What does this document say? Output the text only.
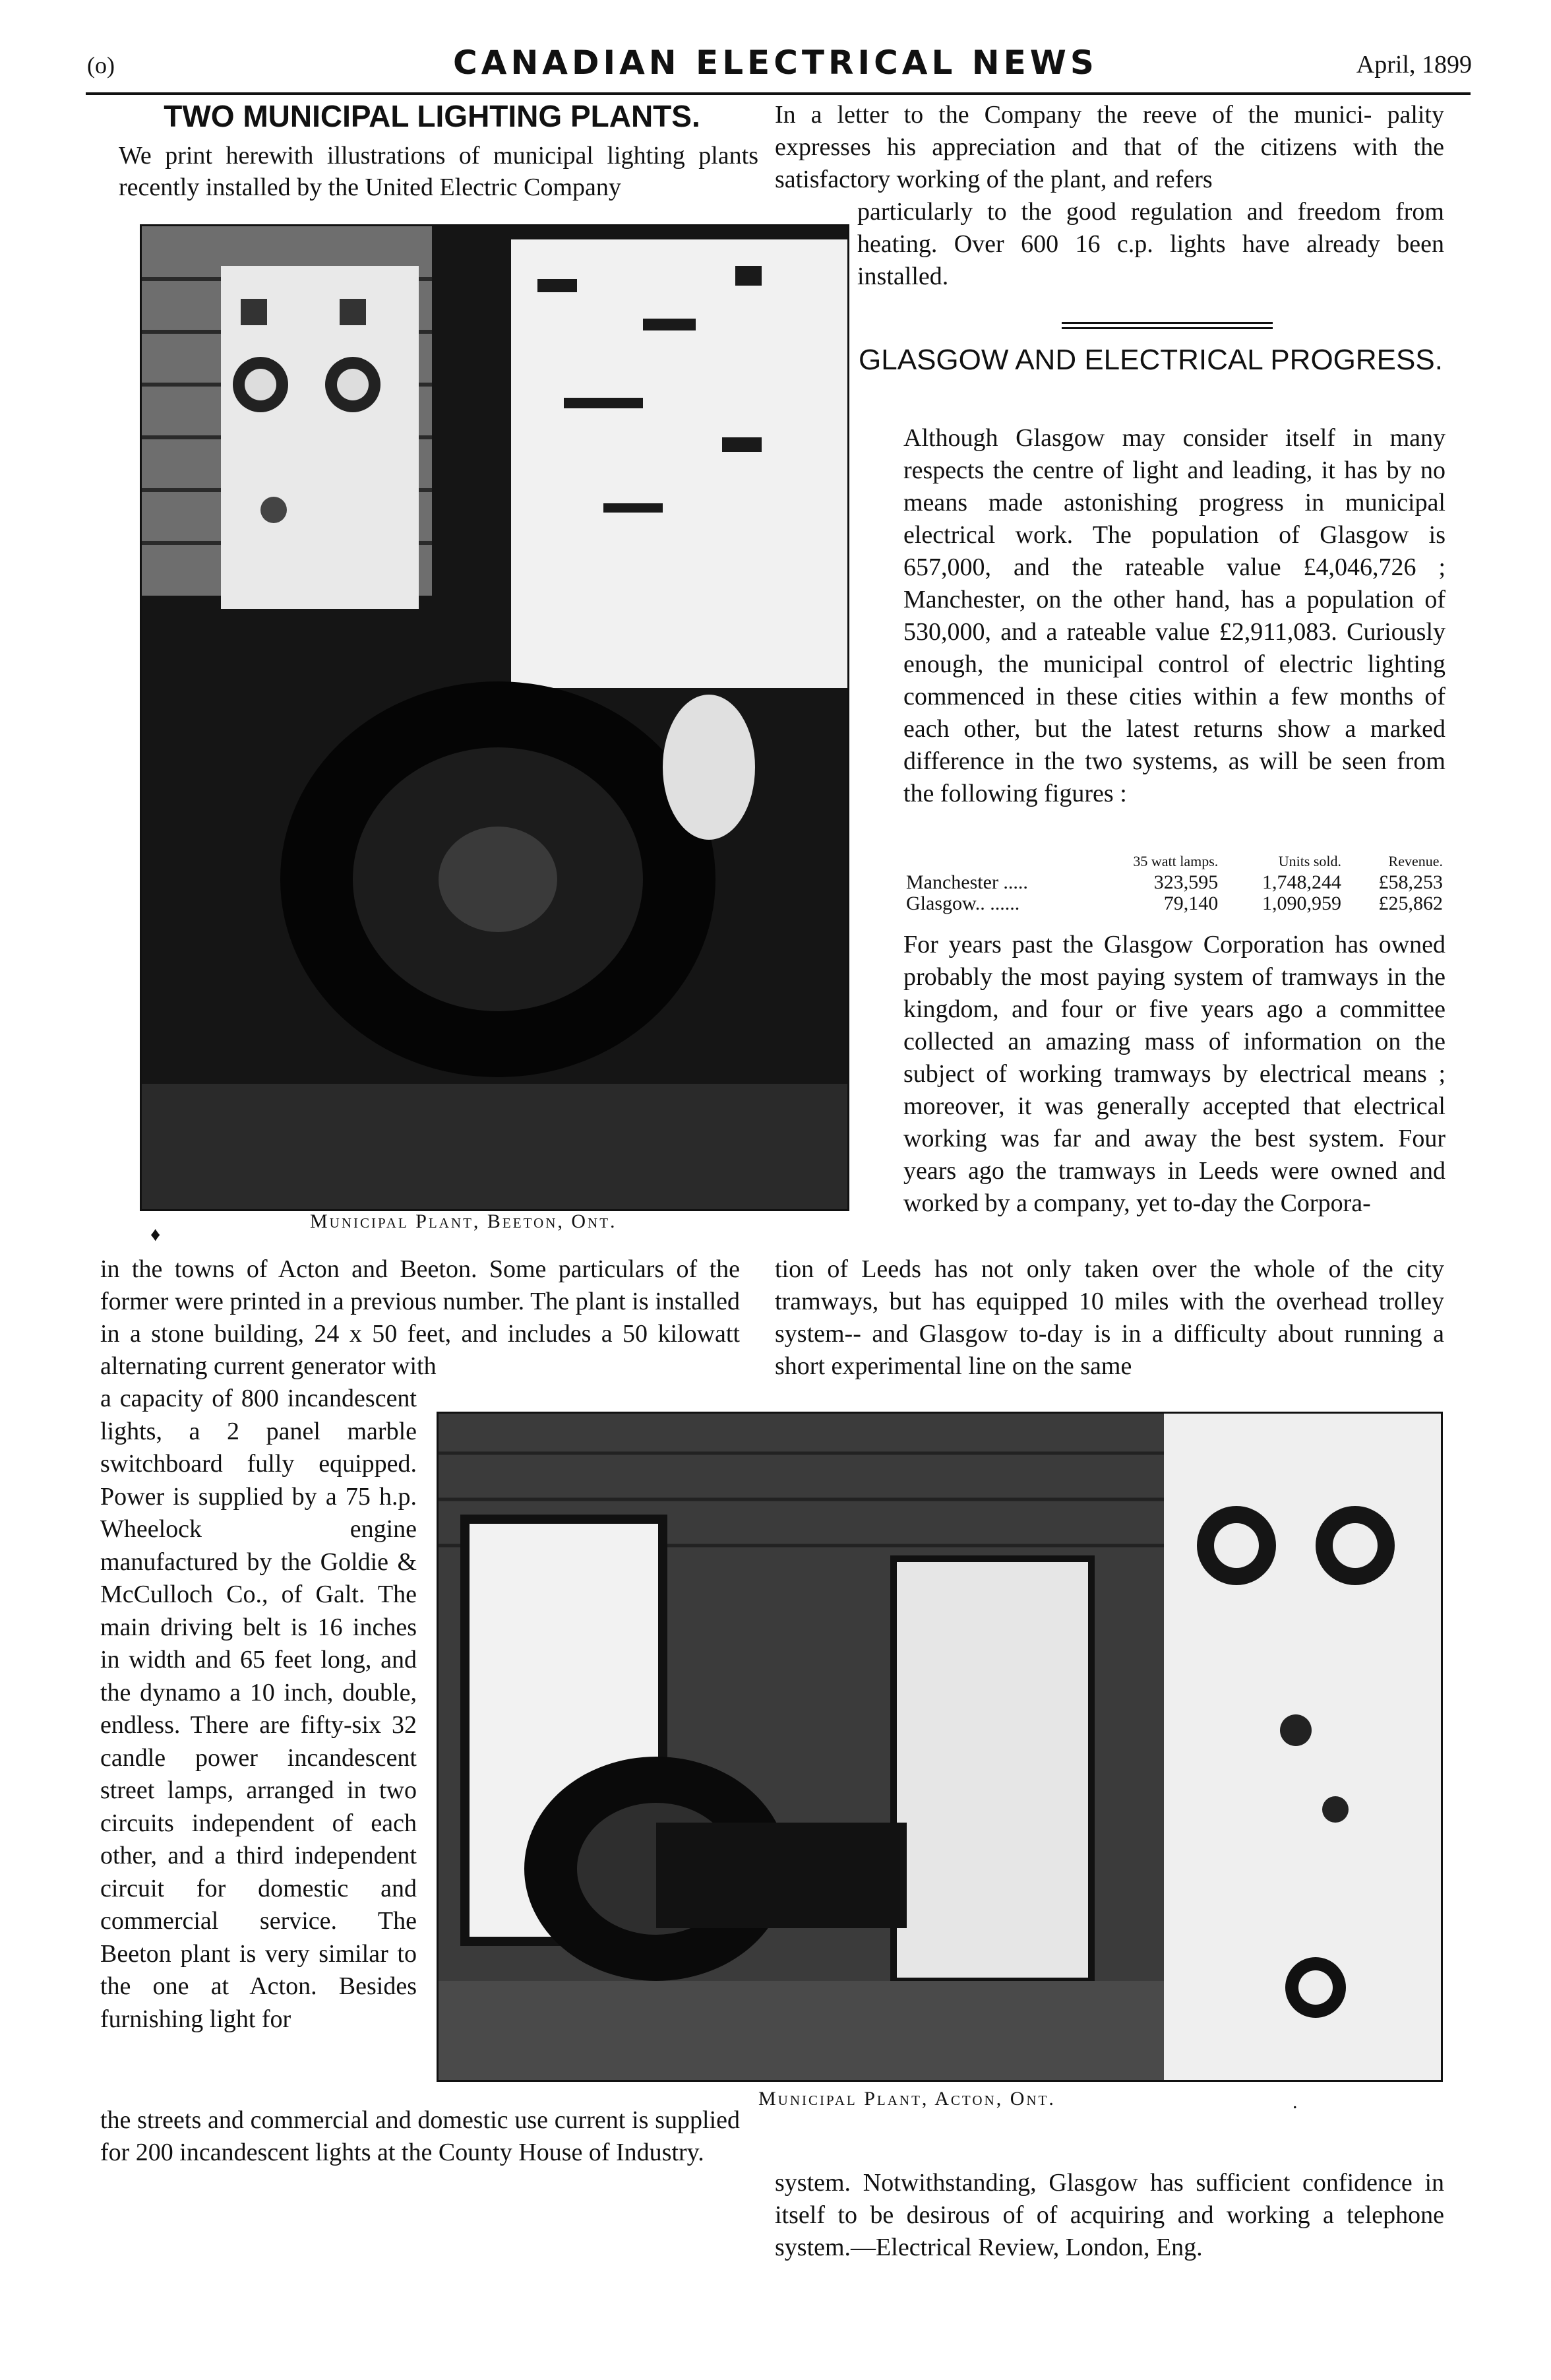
(o)	CANADIAN ELECTRICAL NEWS	April, 1899
TWO MUNICIPAL LIGHTING PLANTS.
We print herewith illustrations of municipal lighting plants recently installed by the United Electric Company
Municipal Plant, Beeton, Ont.
♦
in the towns of Acton and Beeton. Some particulars of the former were printed in a previous number. The plant is installed in a stone building, 24 x 50 feet, and includes a 50 kilowatt alternating current generator with
a capacity of 800 incandescent lights, a 2 panel marble switchboard fully equipped. Power is supplied by a 75 h.p. Wheelock engine manufactured by the Goldie & McCulloch Co., of Galt. The main driving belt is 16 inches in width and 65 feet long, and the dynamo a 10 inch, double, endless. There are fifty-six 32 candle power incandescent street lamps, arranged in two circuits independent of each other, and a third independent circuit for domestic and commercial service. The Beeton plant is very similar to the one at Acton. Besides furnishing light for
the streets and commercial and domestic use current is supplied for 200 incandescent lights at the County House of Industry.
Municipal Plant, Acton, Ont.	.
In a letter to the Company the reeve of the munici- pality expresses his appreciation and that of the citizens with the satisfactory working of the plant, and refers
particularly to the good regulation and freedom from heating. Over 600 16 c.p. lights have already been installed.
GLASGOW AND ELECTRICAL PROGRESS.
Although Glasgow may consider itself in many respects the centre of light and leading, it has by no means made astonishing progress in municipal electrical work. The population of Glasgow is 657,000, and the rateable value £4,046,726 ; Manchester, on the other hand, has a population of 530,000, and a rateable value £2,911,083. Curiously enough, the municipal control of electric lighting commenced in these cities within a few months of each other, but the latest returns show a marked difference in the two systems, as will be seen from the following figures :
	35 watt lamps.	Units sold.	Revenue.
Manchester .....	323,595	1,748,244	£58,253
Glasgow.. ......	79,140	1,090,959	£25,862
For years past the Glasgow Corporation has owned probably the most paying system of tramways in the kingdom, and four or five years ago a committee collected an amazing mass of information on the subject of working tramways by electrical means ; moreover, it was generally accepted that electrical working was far and away the best system. Four years ago the tramways in Leeds were owned and worked by a company, yet to-day the Corpora-
tion of Leeds has not only taken over the whole of the city tramways, but has equipped 10 miles with the overhead trolley system-- and Glasgow to-day is in a difficulty about running a short experimental line on the same
system. Notwithstanding, Glasgow has sufficient confidence in itself to be desirous of of acquiring and working a telephone system.—Electrical Review, London, Eng.
